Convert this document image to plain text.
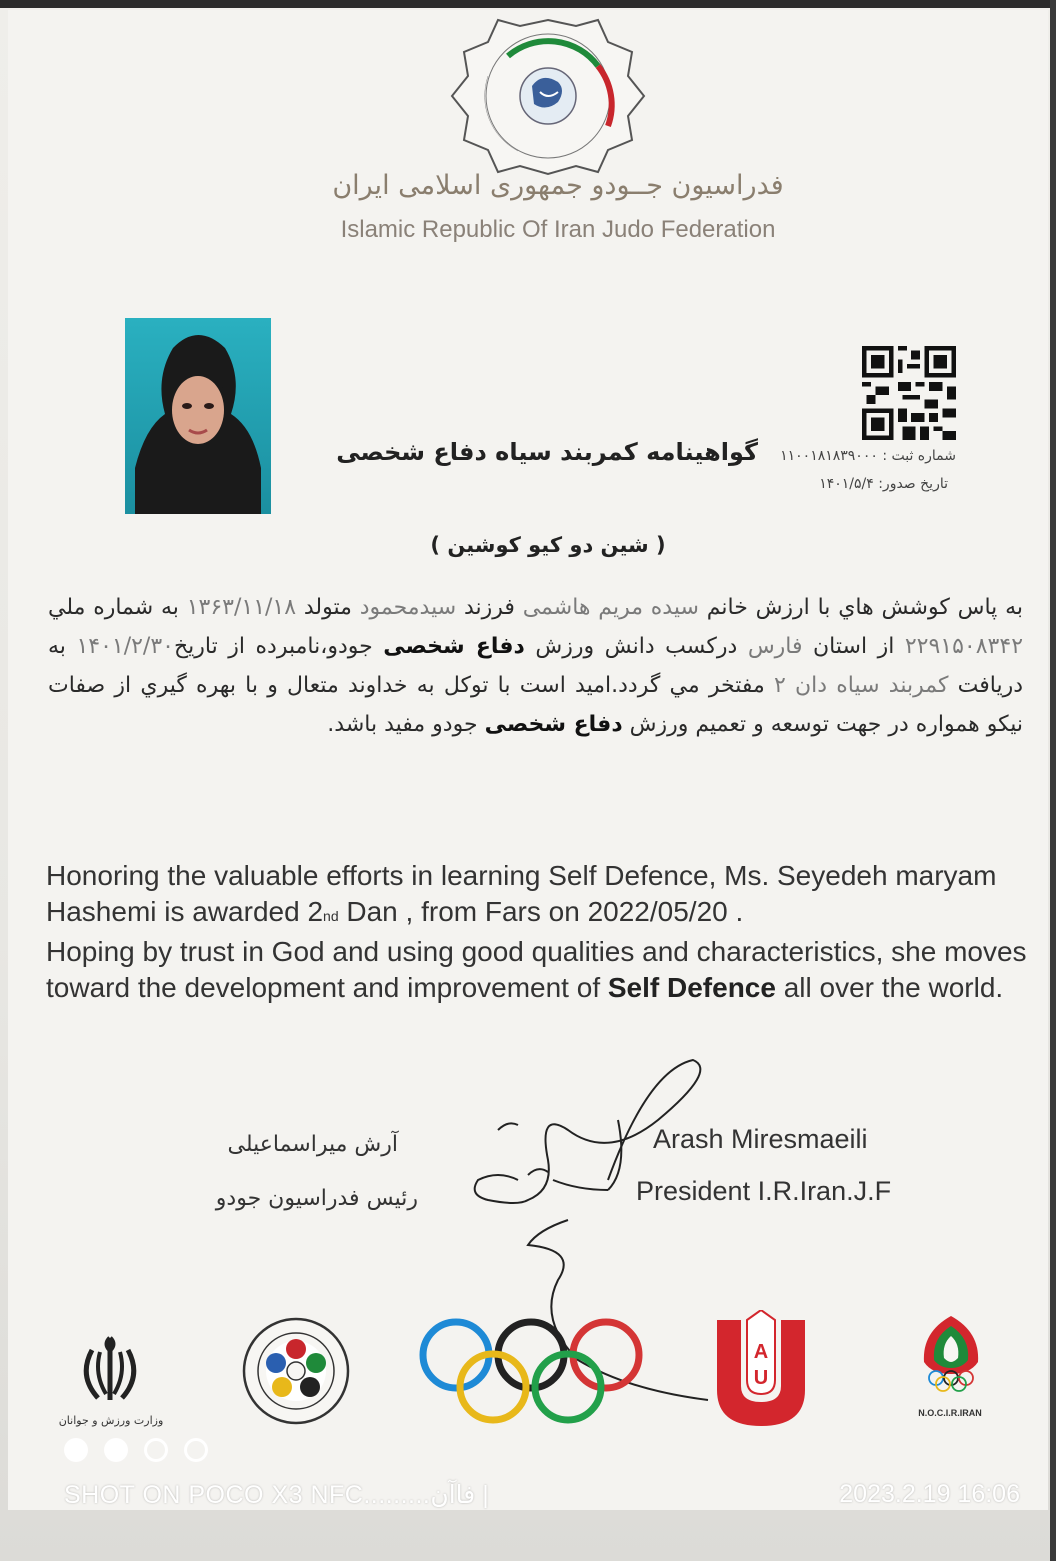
فدراسیون جــودو جمهوری اسلامی ایران
Islamic Republic Of Iran Judo Federation
گواهینامه کمربند سیاه دفاع شخصی	شماره ثبت : ۱۱۰۰۱۸۱۸۳۹۰۰۰
تاریخ صدور: ۱۴۰۱/۵/۴
( شین دو کیو کوشین )
به پاس کوشش هاي با ارزش خانم سیده مریم هاشمی فرزند سیدمحمود متولد ۱۳۶۳/۱۱/۱۸ به شماره ملي ۲۲۹۱۵۰۸۳۴۲ از استان فارس درکسب دانش ورزش دفاع شخصی جودو،نامبرده از تاریخ۱۴۰۱/۲/۳۰ به دریافت کمربند سیاه دان ۲ مفتخر مي گردد.امید است با توکل به خداوند متعال و با بهره گيري از صفات نیکو همواره در جهت توسعه و تعمیم ورزش دفاع شخصی جودو مفید باشد.
Honoring the valuable efforts in learning Self Defence, Ms. Seyedeh maryam Hashemi is awarded 2nd Dan , from Fars on 2022/05/20 .
Hoping by trust in God and using good qualities and characteristics, she moves toward the development and improvement of Self Defence all over the world.
آرش میراسماعیلی
رئیس فدراسیون جودو
Arash Miresmaeili
President I.R.Iran.J.F
وزارت ورزش و جوانان
A
U
N.O.C.I.R.IRAN
SHOT ON POCO X3 NFC.........فاآن |	2023.2.19 16:06
